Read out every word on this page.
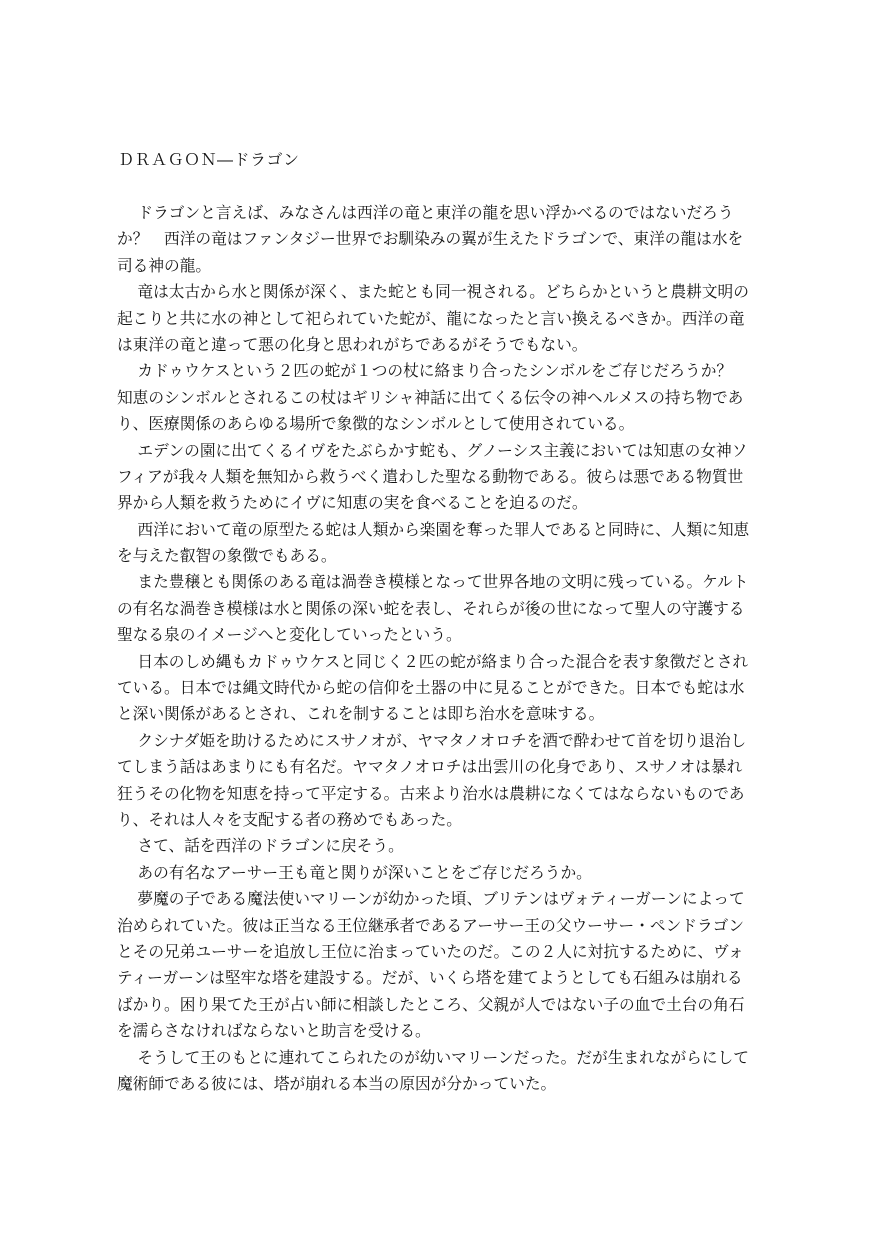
ＤＲＡＧＯＮ―ドラゴン
ドラゴンと言えば、みなさんは西洋の竜と東洋の龍を思い浮かべるのではないだろう
か？　西洋の竜はファンタジー世界でお馴染みの翼が生えたドラゴンで、東洋の龍は水を
司る神の龍。
竜は太古から水と関係が深く、また蛇とも同一視される。どちらかというと農耕文明の
起こりと共に水の神として祀られていた蛇が、龍になったと言い換えるべきか。西洋の竜
は東洋の竜と違って悪の化身と思われがちであるがそうでもない。
カドゥウケスという２匹の蛇が１つの杖に絡まり合ったシンボルをご存じだろうか？
知恵のシンボルとされるこの杖はギリシャ神話に出てくる伝令の神ヘルメスの持ち物であ
り、医療関係のあらゆる場所で象徴的なシンボルとして使用されている。
エデンの園に出てくるイヴをたぶらかす蛇も、グノーシス主義においては知恵の女神ソ
フィアが我々人類を無知から救うべく遣わした聖なる動物である。彼らは悪である物質世
界から人類を救うためにイヴに知恵の実を食べることを迫るのだ。
西洋において竜の原型たる蛇は人類から楽園を奪った罪人であると同時に、人類に知恵
を与えた叡智の象徴でもある。
また豊穣とも関係のある竜は渦巻き模様となって世界各地の文明に残っている。ケルト
の有名な渦巻き模様は水と関係の深い蛇を表し、それらが後の世になって聖人の守護する
聖なる泉のイメージへと変化していったという。
日本のしめ縄もカドゥウケスと同じく２匹の蛇が絡まり合った混合を表す象徴だとされ
ている。日本では縄文時代から蛇の信仰を土器の中に見ることができた。日本でも蛇は水
と深い関係があるとされ、これを制することは即ち治水を意味する。
クシナダ姫を助けるためにスサノオが、ヤマタノオロチを酒で酔わせて首を切り退治し
てしまう話はあまりにも有名だ。ヤマタノオロチは出雲川の化身であり、スサノオは暴れ
狂うその化物を知恵を持って平定する。古来より治水は農耕になくてはならないものであ
り、それは人々を支配する者の務めでもあった。
さて、話を西洋のドラゴンに戻そう。
あの有名なアーサー王も竜と関りが深いことをご存じだろうか。
夢魔の子である魔法使いマリーンが幼かった頃、ブリテンはヴォティーガーンによって
治められていた。彼は正当なる王位継承者であるアーサー王の父ウーサー・ペンドラゴン
とその兄弟ユーサーを追放し王位に治まっていたのだ。この２人に対抗するために、ヴォ
ティーガーンは堅牢な塔を建設する。だが、いくら塔を建てようとしても石組みは崩れる
ばかり。困り果てた王が占い師に相談したところ、父親が人ではない子の血で土台の角石
を濡らさなければならないと助言を受ける。
そうして王のもとに連れてこられたのが幼いマリーンだった。だが生まれながらにして
魔術師である彼には、塔が崩れる本当の原因が分かっていた。
